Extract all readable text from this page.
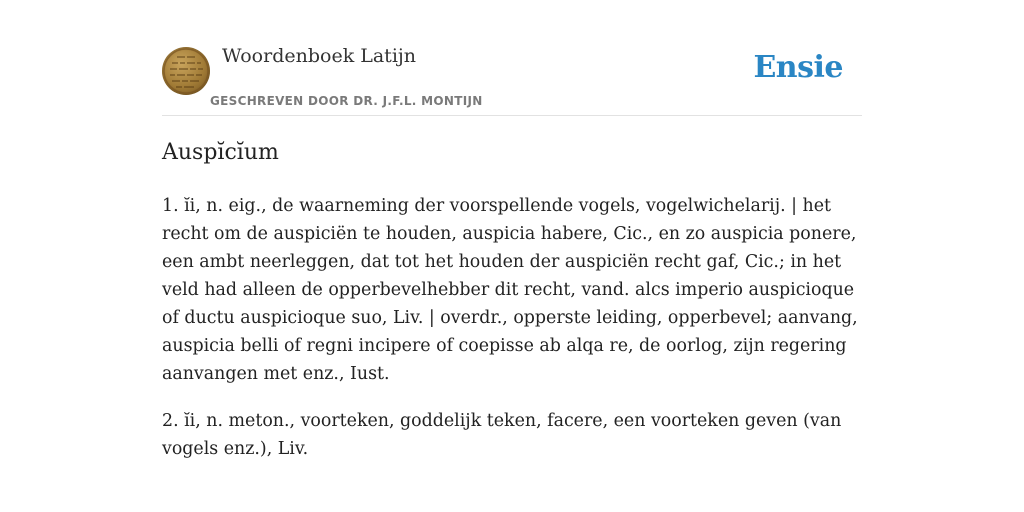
Woordenboek Latijn
GESCHREVEN DOOR DR. J.F.L. MONTIJN
Ensie
Auspĭcĭum

1. ĭi, n. eig., de waarneming der voorspellende vogels, vogelwichelarij. | het recht om de auspiciën te houden, auspicia habere, Cic., en zo auspicia ponere, een ambt neerleggen, dat tot het houden der auspiciën recht gaf, Cic.; in het veld had alleen de opperbevelhebber dit recht, vand. alcs imperio auspicioque of ductu auspicioque suo, Liv. | overdr., opperste leiding, opperbevel; aanvang, auspicia belli of regni incipere of coepisse ab alqa re, de oorlog, zijn regering aanvangen met enz., Iust.

2. ĭi, n. meton., voorteken, goddelijk teken, facere, een voorteken geven (van vogels enz.), Liv.
